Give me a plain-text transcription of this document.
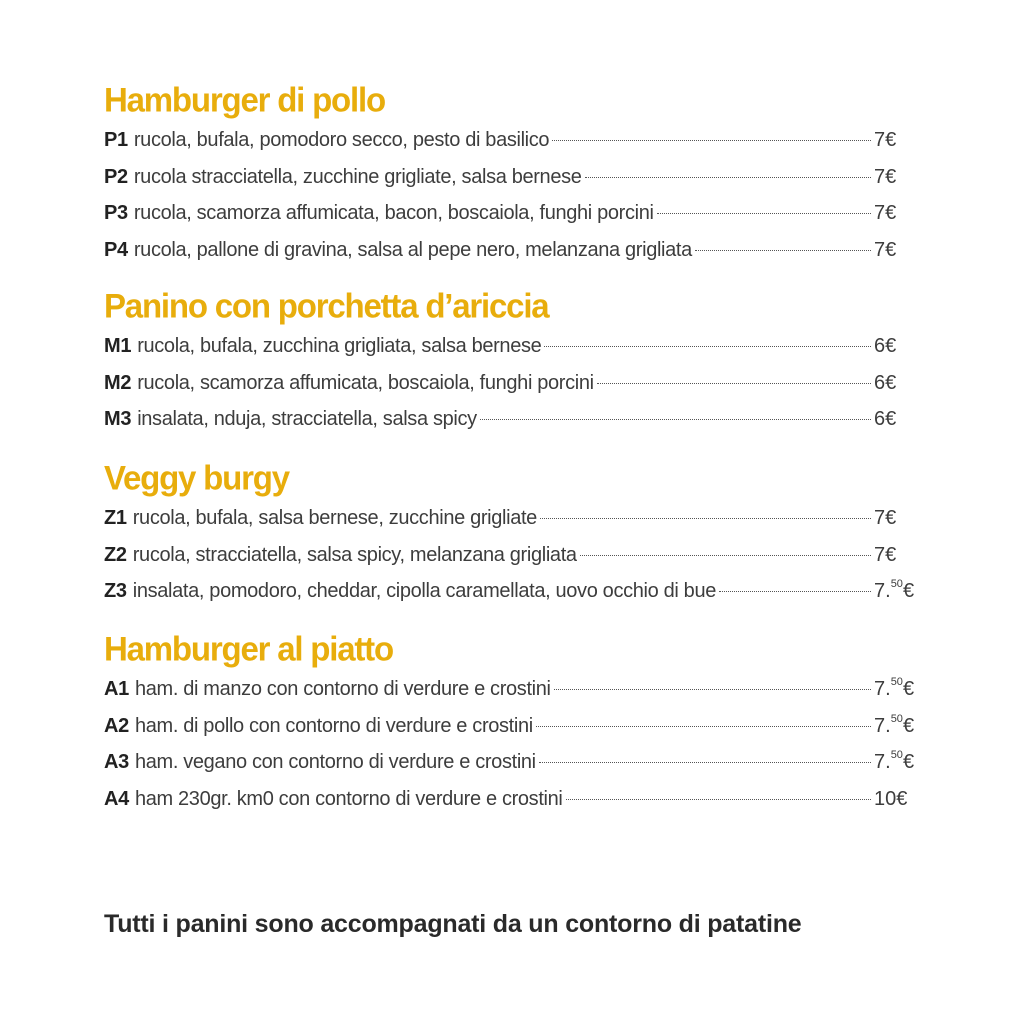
Hamburger di pollo
P1 rucola, bufala, pomodoro secco, pesto di basilico	7€
P2 rucola stracciatella, zucchine grigliate, salsa bernese	7€
P3 rucola, scamorza affumicata, bacon, boscaiola, funghi porcini	7€
P4 rucola, pallone di gravina, salsa al pepe nero, melanzana grigliata	7€
Panino con porchetta d’ariccia
M1 rucola, bufala, zucchina grigliata, salsa bernese	6€
M2 rucola, scamorza affumicata, boscaiola, funghi porcini	6€
M3 insalata, nduja, stracciatella, salsa spicy	6€
Veggy burgy
Z1 rucola, bufala, salsa bernese, zucchine grigliate	7€
Z2 rucola, stracciatella, salsa spicy, melanzana grigliata	7€
Z3 insalata, pomodoro, cheddar, cipolla caramellata, uovo occhio di bue	7.50€
Hamburger al piatto
A1 ham. di manzo con contorno di verdure e crostini	7.50€
A2 ham. di pollo con contorno di verdure e crostini	7.50€
A3 ham. vegano con contorno di verdure e crostini	7.50€
A4 ham 230gr. km0 con contorno di verdure e crostini	10€
Tutti i panini sono accompagnati da un contorno di patatine
